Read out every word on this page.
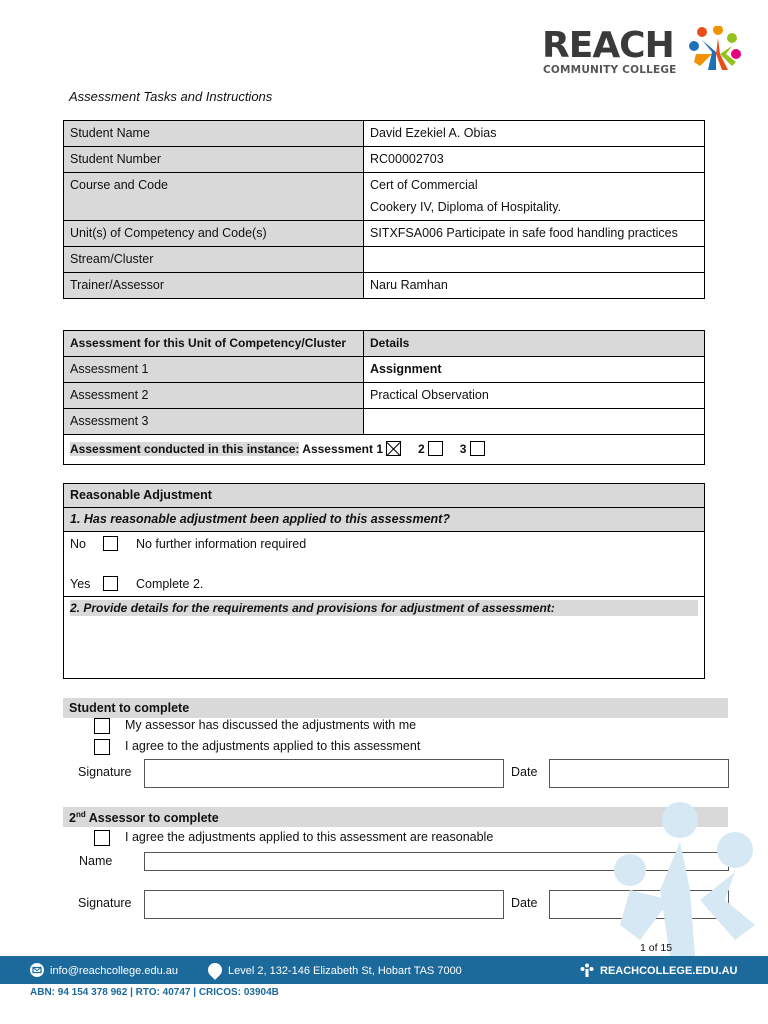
REACH
COMMUNITY COLLEGE
Assessment Tasks and Instructions
Student Name	David Ezekiel A. Obias
Student Number	RC00002703
Course and Code	Cert of Commercial
Cookery IV, Diploma of Hospitality.

Unit(s) of Competency and Code(s)	SITXFSA006 Participate in safe food handling practices
Stream/Cluster	
Trainer/Assessor	Naru Ramhan
Assessment for this Unit of Competency/Cluster	Details
Assessment 1	Assignment
Assessment 2	Practical Observation
Assessment 3	
Assessment conducted in this instance: Assessment 1 2 3	
Reasonable Adjustment
1. Has reasonable adjustment been applied to this assessment?
No	No further information required
Yes	Complete 2.
2. Provide details for the requirements and provisions for adjustment of assessment:
Student to complete
My assessor has discussed the adjustments with me
I agree to the adjustments applied to this assessment
Signature	Date
2nd Assessor to complete
I agree the adjustments applied to this assessment are reasonable
Name
Signature	Date
1 of 15
info@reachcollege.edu.au	Level 2, 132-146 Elizabeth St, Hobart TAS 7000	REACHCOLLEGE.EDU.AU
ABN: 94 154 378 962 | RTO: 40747 | CRICOS: 03904B
